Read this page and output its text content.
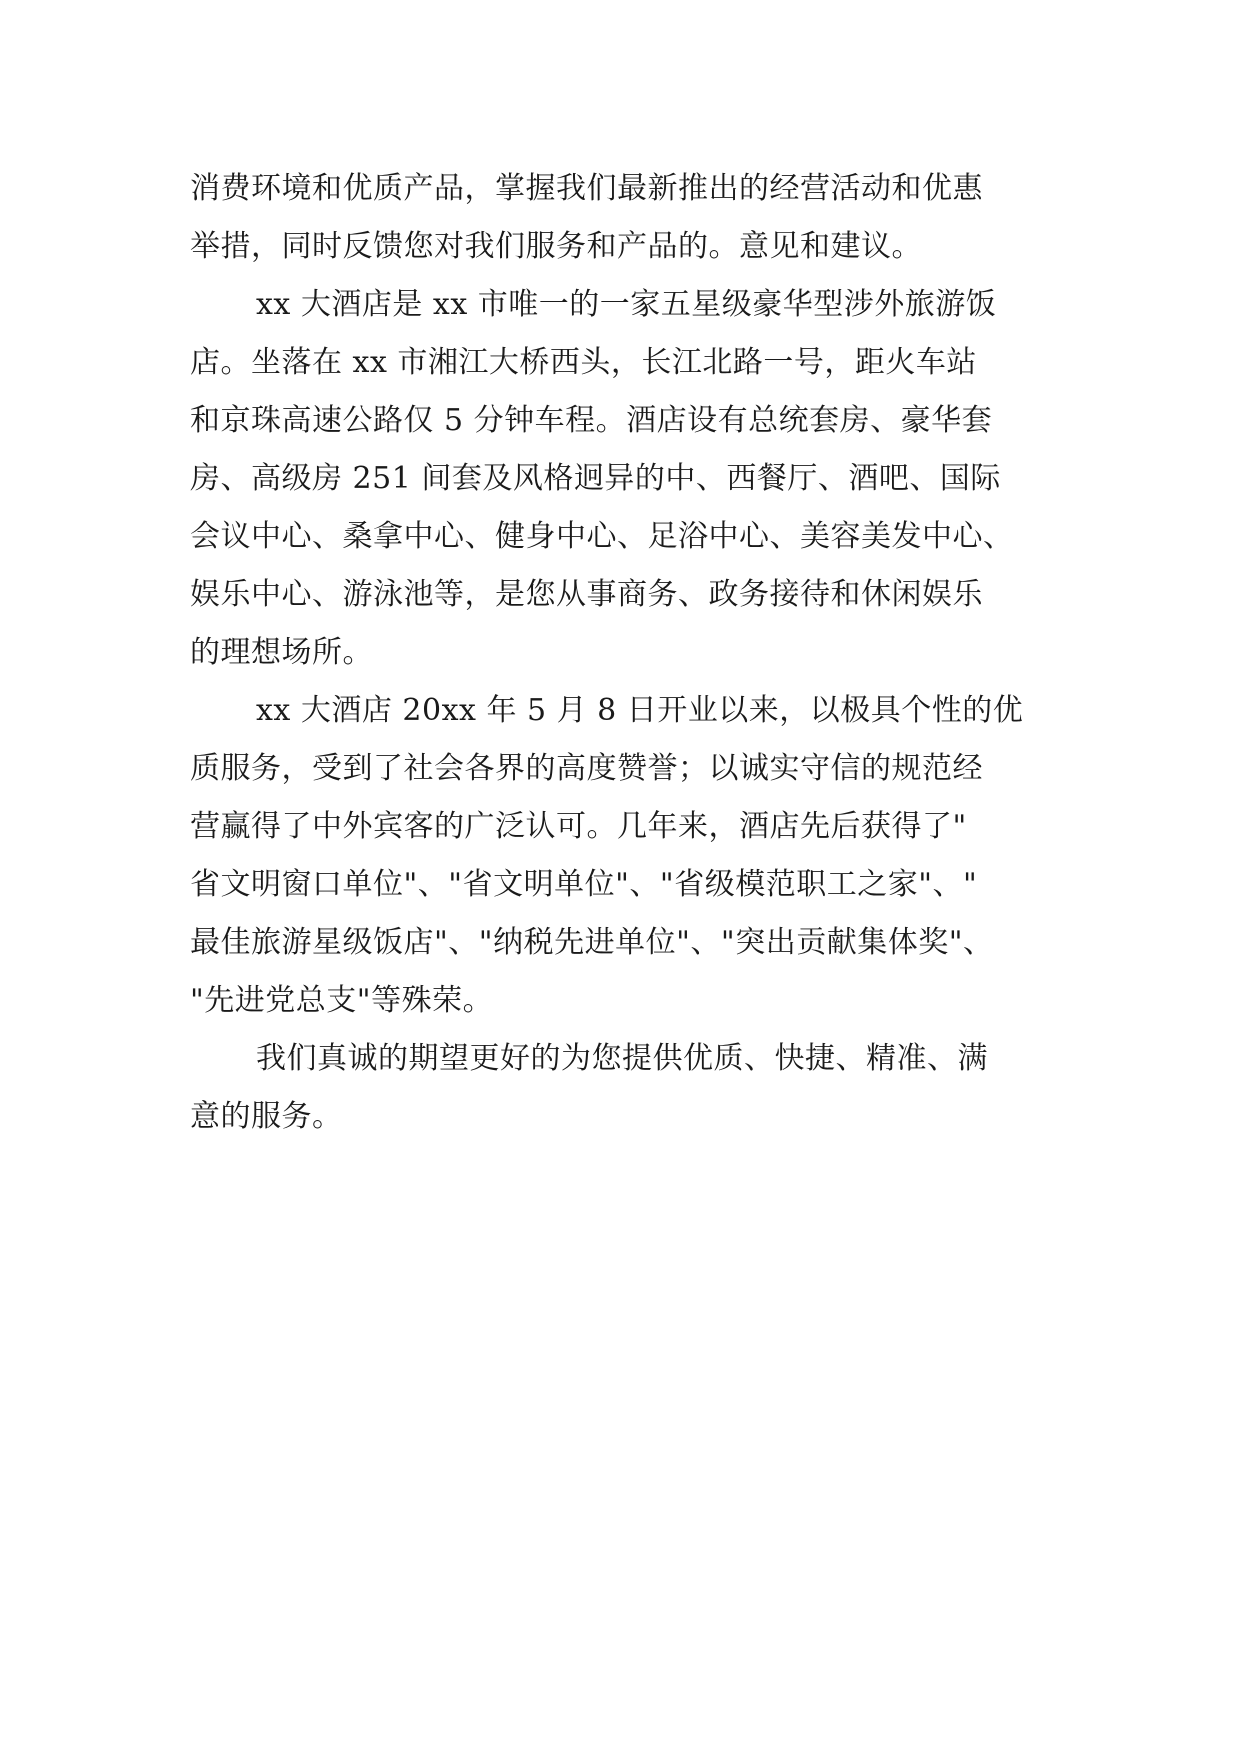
消费环境和优质产品，掌握我们最新推出的经营活动和优惠
举措，同时反馈您对我们服务和产品的。意见和建议。
xx 大酒店是 xx 市唯一的一家五星级豪华型涉外旅游饭
店。坐落在 xx 市湘江大桥西头，长江北路一号，距火车站
和京珠高速公路仅 5 分钟车程。酒店设有总统套房、豪华套
房、高级房 251 间套及风格迥异的中、西餐厅、酒吧、国际
会议中心、桑拿中心、健身中心、足浴中心、美容美发中心、
娱乐中心、游泳池等，是您从事商务、政务接待和休闲娱乐
的理想场所。
xx 大酒店 20xx 年 5 月 8 日开业以来，以极具个性的优
质服务，受到了社会各界的高度赞誉；以诚实守信的规范经
营赢得了中外宾客的广泛认可。几年来，酒店先后获得了"
省文明窗口单位"、"省文明单位"、"省级模范职工之家"、"
最佳旅游星级饭店"、"纳税先进单位"、"突出贡献集体奖"、
"先进党总支"等殊荣。
我们真诚的期望更好的为您提供优质、快捷、精准、满
意的服务。
